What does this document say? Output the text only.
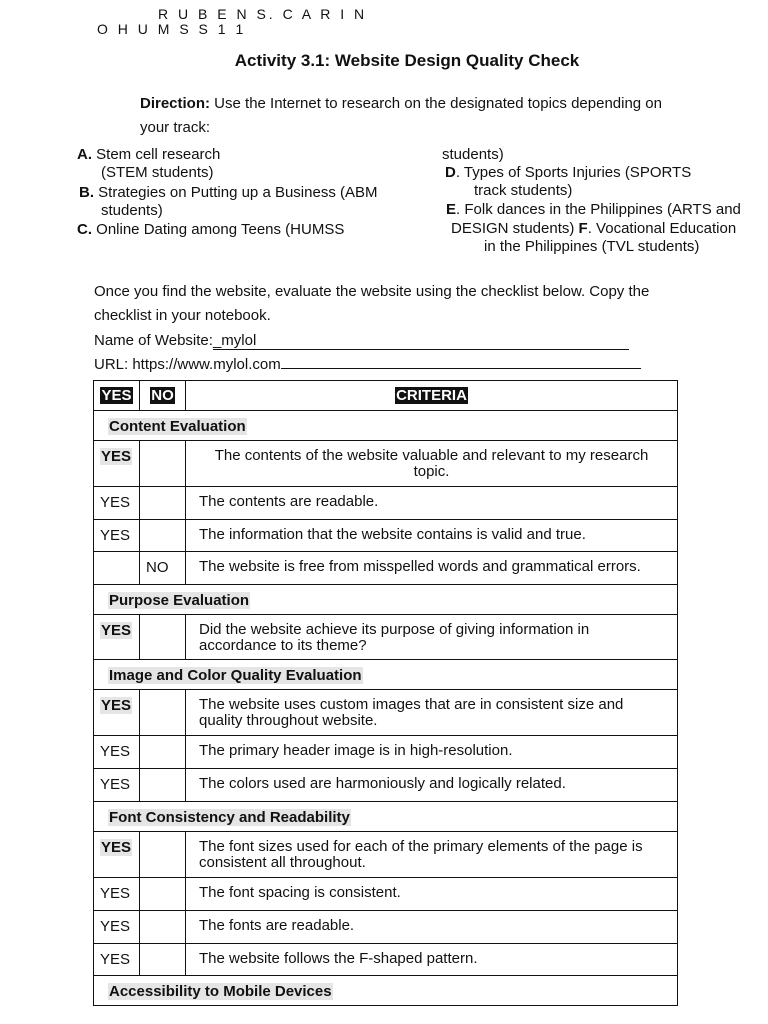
R U B E N S. C A R I N
O H U M S S 1 1
Activity 3.1: Website Design Quality Check
Direction: Use the Internet to research on the designated topics depending on
your track:
A. Stem cell research
(STEM students)
B. Strategies on Putting up a Business (ABM
students)
C. Online Dating among Teens (HUMSS
students)
D. Types of Sports Injuries (SPORTS
track students)
E. Folk dances in the Philippines (ARTS and
DESIGN students) F. Vocational Education
in the Philippines (TVL students)
Once you find the website, evaluate the website using the checklist below. Copy the
checklist in your notebook.
Name of Website:_mylol
URL: https://www.mylol.com
YES	NO	CRITERIA
Content Evaluation		
YES		The contents of the website valuable and relevant to my research topic.
YES		The contents are readable.
YES		The information that the website contains is valid and true.
	NO	The website is free from misspelled words and grammatical errors.
Purpose Evaluation		
YES		Did the website achieve its purpose of giving information in accordance to its theme?
Image and Color Quality Evaluation		
YES		The website uses custom images that are in consistent size and quality throughout website.
YES		The primary header image is in high-resolution.
YES		The colors used are harmoniously and logically related.
Font Consistency and Readability		
YES		The font sizes used for each of the primary elements of the page is consistent all throughout.
YES		The font spacing is consistent.
YES		The fonts are readable.
YES		The website follows the F-shaped pattern.
Accessibility to Mobile Devices		
